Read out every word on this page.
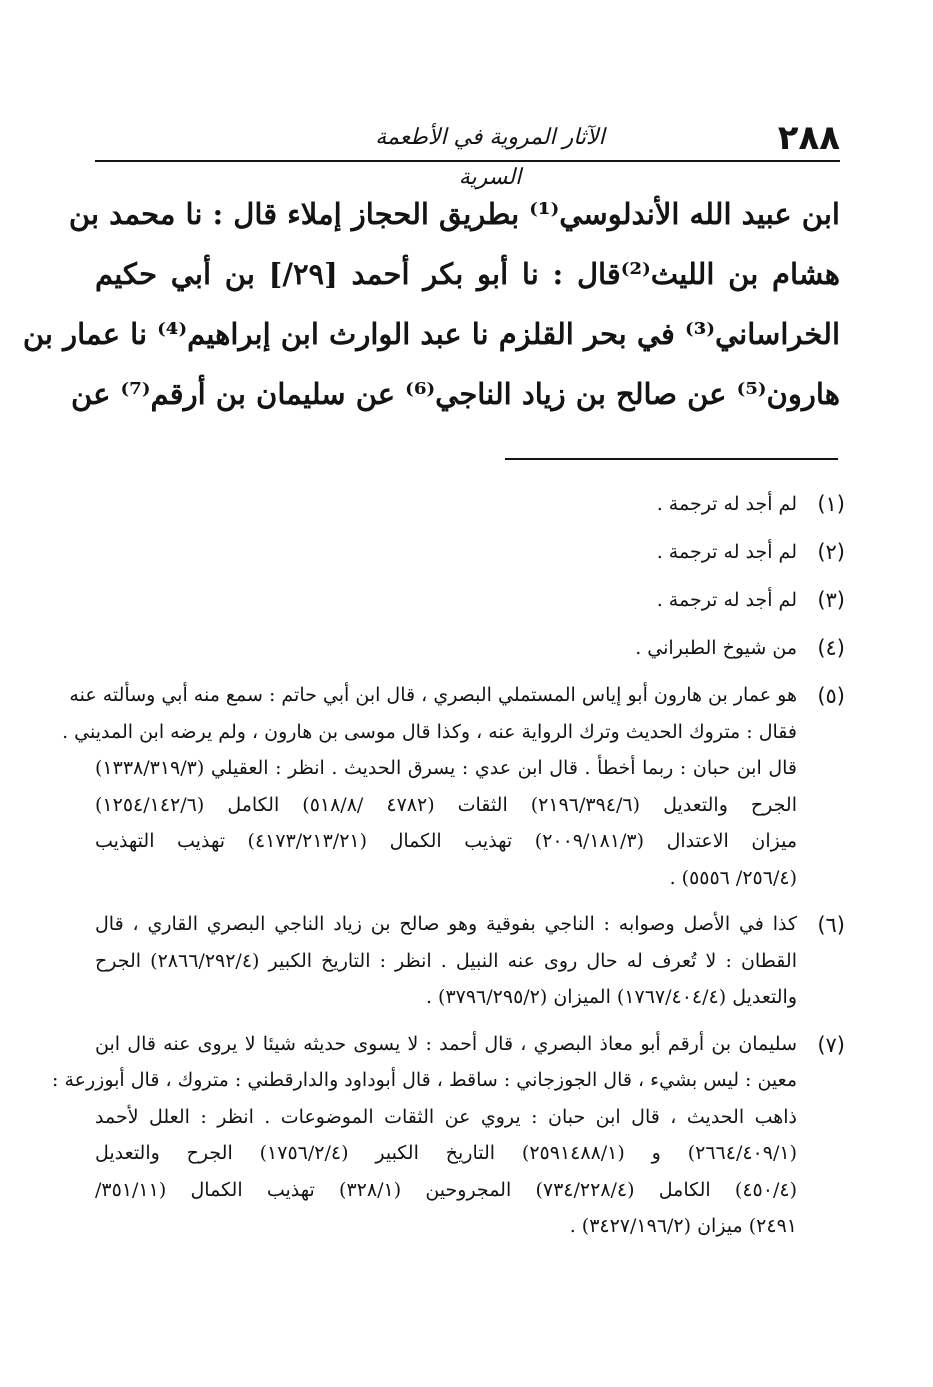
٢٨٨
الآثار المروية في الأطعمة السرية
ابن عبيد الله الأندلوسي⁽¹⁾ بطريق الحجاز إملاء قال : نا محمد بن
هشام بن الليث⁽²⁾قال : نا أبو بكر أحمد [٢٩/] بن أبي حكيم
الخراساني⁽³⁾ في بحر القلزم نا عبد الوارث ابن إبراهيم⁽⁴⁾ نا عمار بن
هارون⁽⁵⁾ عن صالح بن زياد الناجي⁽⁶⁾ عن سليمان بن أرقم⁽⁷⁾ عن
(١)
لم أجد له ترجمة .
(٢)
لم أجد له ترجمة .
(٣)
لم أجد له ترجمة .
(٤)
من شيوخ الطبراني .
(٥)
هو عمار بن هارون أبو إياس المستملي البصري ، قال ابن أبي حاتم : سمع منه أبي وسألته عنه
فقال : متروك الحديث وترك الرواية عنه ، وكذا قال موسى بن هارون ، ولم يرضه ابن المديني .
قال ابن حبان : ربما أخطأ . قال ابن عدي : يسرق الحديث . انظر : العقيلي (١٣٣٨/٣١٩/٣)
الجرح والتعديل (٢١٩٦/٣٩٤/٦) الثقات (٤٧٨٢ /٥١٨/٨) الكامل (١٢٥٤/١٤٢/٦)
ميزان الاعتدال (٢٠٠٩/١٨١/٣) تهذيب الكمال (٤١٧٣/٢١٣/٢١) تهذيب التهذيب
(٢٥٦/٤/ ٥٥٥٦) .
(٦)
كذا في الأصل وصوابه : الناجي بفوقية وهو صالح بن زياد الناجي البصري القاري ، قال
القطان : لا تُعرف له حال روى عنه النبيل . انظر : التاريخ الكبير (٢٨٦٦/٢٩٢/٤) الجرح
والتعديل (١٧٦٧/٤٠٤/٤) الميزان (٣٧٩٦/٢٩٥/٢) .
(٧)
سليمان بن أرقم أبو معاذ البصري ، قال أحمد : لا يسوى حديثه شيئا لا يروى عنه قال ابن
معين : ليس بشيء ، قال الجوزجاني : ساقط ، قال أبوداود والدارقطني : متروك ، قال أبوزرعة :
ذاهب الحديث ، قال ابن حبان : يروي عن الثقات الموضوعات . انظر : العلل لأحمد
(٢٦٦٤/٤٠٩/١) و (٢٥٩١٤٨٨/١) التاريخ الكبير (١٧٥٦/٢/٤) الجرح والتعديل
(٤٥٠/٤) الكامل (٧٣٤/٢٢٨/٤) المجروحين (٣٢٨/١) تهذيب الكمال (٣٥١/١١/
٢٤٩١) ميزان (٣٤٢٧/١٩٦/٢) .
